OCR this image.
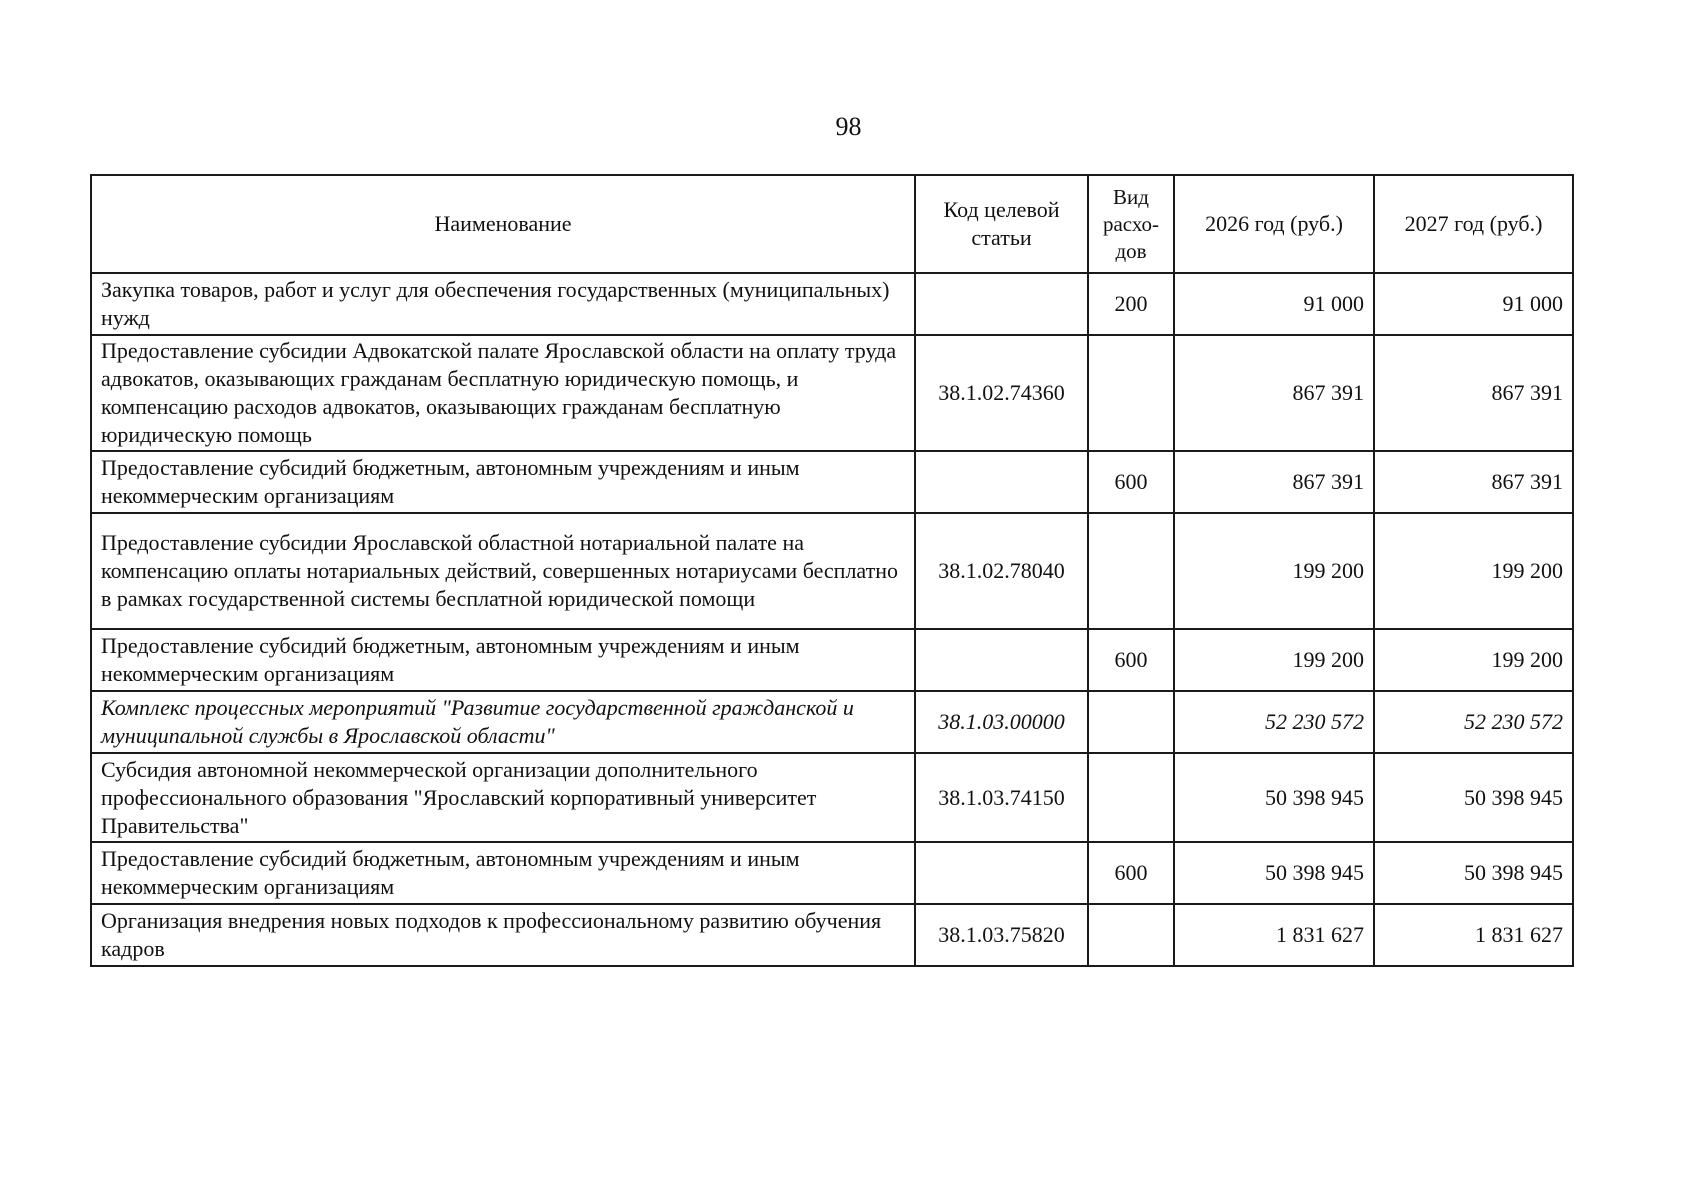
98
Наименование	Код целевой статьи	Вид расхо-дов	2026 год (руб.)	2027 год (руб.)
Закупка товаров, работ и услуг для обеспечения государственных (муниципальных) нужд		200	91 000	91 000
Предоставление субсидии Адвокатской палате Ярославской области на оплату труда адвокатов, оказывающих гражданам бесплатную юридическую помощь, и компенсацию расходов адвокатов, оказывающих гражданам бесплатную юридическую помощь	38.1.02.74360		867 391	867 391
Предоставление субсидий бюджетным, автономным учреждениям и иным некоммерческим организациям		600	867 391	867 391
Предоставление субсидии Ярославской областной нотариальной палате на компенсацию оплаты нотариальных действий, совершенных нотариусами бесплатно в рамках государственной системы бесплатной юридической помощи	38.1.02.78040		199 200	199 200
Предоставление субсидий бюджетным, автономным учреждениям и иным некоммерческим организациям		600	199 200	199 200
Комплекс процессных мероприятий "Развитие государственной гражданской и муниципальной службы в Ярославской области"	38.1.03.00000		52 230 572	52 230 572
Субсидия автономной некоммерческой организации дополнительного профессионального образования "Ярославский корпоративный университет Правительства"	38.1.03.74150		50 398 945	50 398 945
Предоставление субсидий бюджетным, автономным учреждениям и иным некоммерческим организациям		600	50 398 945	50 398 945
Организация внедрения новых подходов к профессиональному развитию обучения кадров	38.1.03.75820		1 831 627	1 831 627
